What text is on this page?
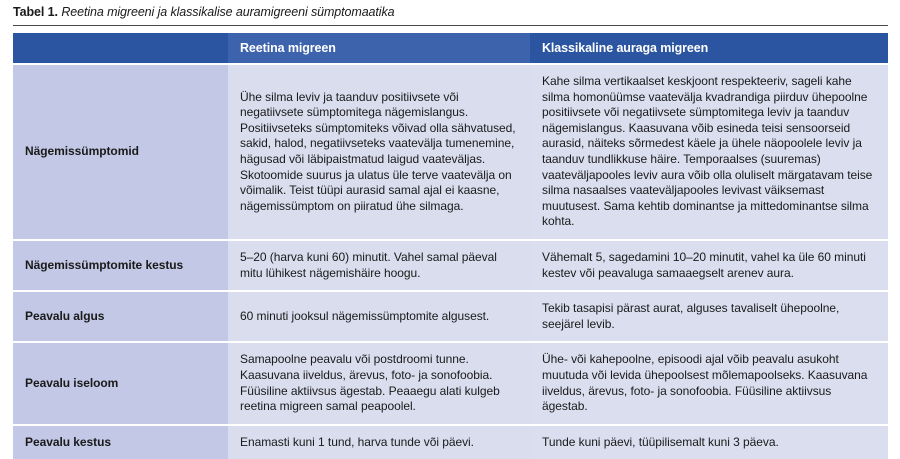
Tabel 1. Reetina migreeni ja klassikalise auramigreeni sümptomaatika
	Reetina migreen	Klassikaline auraga migreen
Nägemissümptomid	Ühe silma leviv ja taanduv positiivsete või negatiivsete sümptomitega nägemislangus. Positiivseteks sümptomiteks võivad olla sähvatused, sakid, halod, negatiivseteks vaatevälja tumenemine, hägusad või läbipaistmatud laigud vaateväljas. Skotoomide suurus ja ulatus üle terve vaatevälja on võimalik. Teist tüüpi aurasid samal ajal ei kaasne, nägemissümptom on piiratud ühe silmaga.	Kahe silma vertikaalset keskjoont respekteeriv, sageli kahe silma homonüümse vaatevälja kvadrandiga piirduv ühepoolne positiivsete või negatiivsete sümptomitega leviv ja taanduv nägemislangus. Kaasuvana võib esineda teisi sensoorseid aurasid, näiteks sõrmedest käele ja ühele näopoolele leviv ja taanduv tundlikkuse häire. Temporaalses (suuremas) vaateväljapooles leviv aura võib olla oluliselt märgatavam teise silma nasaalses vaateväljapooles levivast väiksemast muutusest. Sama kehtib dominantse ja mittedominantse silma kohta.
Nägemissümptomite kestus	5–20 (harva kuni 60) minutit. Vahel samal päeval mitu lühikest nägemishäire hoogu.	Vähemalt 5, sagedamini 10–20 minutit, vahel ka üle 60 minuti kestev või peavaluga samaaegselt arenev aura.
Peavalu algus	60 minuti jooksul nägemissümptomite algusest.	Tekib tasapisi pärast aurat, alguses tavaliselt ühepoolne, seejärel levib.
Peavalu iseloom	Samapoolne peavalu või postdroomi tunne. Kaasuvana iiveldus, ärevus, foto- ja sonofoobia. Füüsiline aktiivsus ägestab. Peaaegu alati kulgeb reetina migreen samal peapoolel.	Ühe- või kahepoolne, episoodi ajal võib peavalu asukoht muutuda või levida ühepoolsest mõlemapoolseks. Kaasuvana iiveldus, ärevus, foto- ja sonofoobia. Füüsiline aktiivsus ägestab.
Peavalu kestus	Enamasti kuni 1 tund, harva tunde või päevi.	Tunde kuni päevi, tüüpilisemalt kuni 3 päeva.
